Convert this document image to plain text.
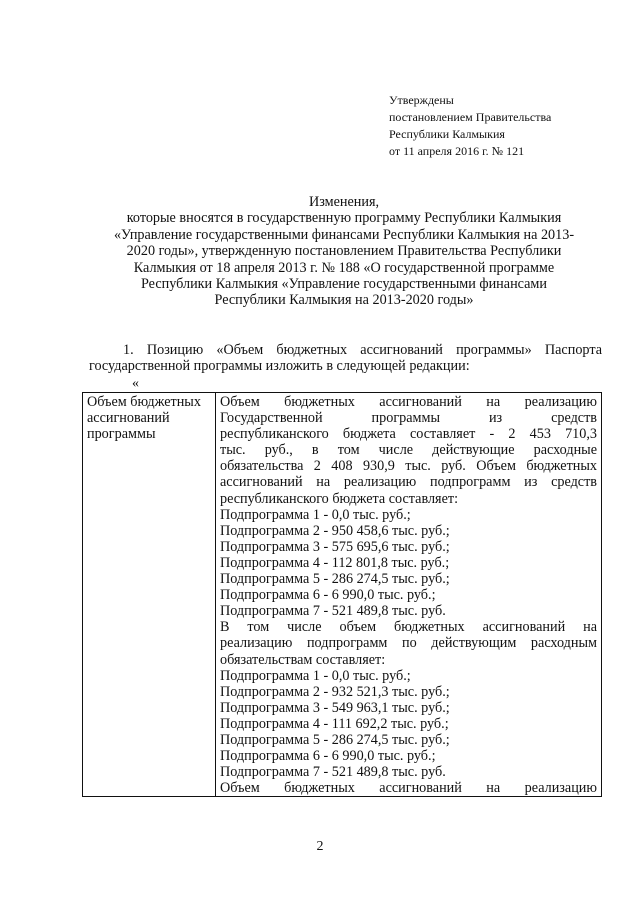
Утверждены
постановлением Правительства
Республики Калмыкия
от 11 апреля 2016 г. № 121
Изменения,
которые вносятся в государственную программу Республики Калмыкия
«Управление государственными финансами Республики Калмыкия на 2013-
2020 годы», утвержденную постановлением Правительства Республики
Калмыкия от 18 апреля 2013 г. № 188 «О государственной программе
Республики Калмыкия «Управление государственными финансами
Республики Калмыкия на 2013-2020 годы»
1. Позицию «Объем бюджетных ассигнований программы» Паспорта
государственной программы изложить в следующей редакции:
«
Объем бюджетных
ассигнований
программы

Объем бюджетных ассигнований на реализацию
Государственной программы из средств
республиканского бюджета составляет - 2 453 710,3
тыс. руб., в том числе действующие расходные
обязательства 2 408 930,9 тыс. руб. Объем бюджетных
ассигнований на реализацию подпрограмм из средств
республиканского бюджета составляет:
Подпрограмма 1 - 0,0 тыс. руб.;
Подпрограмма 2 - 950 458,6 тыс. руб.;
Подпрограмма 3 - 575 695,6 тыс. руб.;
Подпрограмма 4 - 112 801,8 тыс. руб.;
Подпрограмма 5 - 286 274,5 тыс. руб.;
Подпрограмма 6 - 6 990,0 тыс. руб.;
Подпрограмма 7 - 521 489,8 тыс. руб.
В том числе объем бюджетных ассигнований на
реализацию подпрограмм по действующим расходным
обязательствам составляет:
Подпрограмма 1 - 0,0 тыс. руб.;
Подпрограмма 2 - 932 521,3 тыс. руб.;
Подпрограмма 3 - 549 963,1 тыс. руб.;
Подпрограмма 4 - 111 692,2 тыс. руб.;
Подпрограмма 5 - 286 274,5 тыс. руб.;
Подпрограмма 6 - 6 990,0 тыс. руб.;
Подпрограмма 7 - 521 489,8 тыс. руб.
Объем бюджетных ассигнований на реализацию
2
